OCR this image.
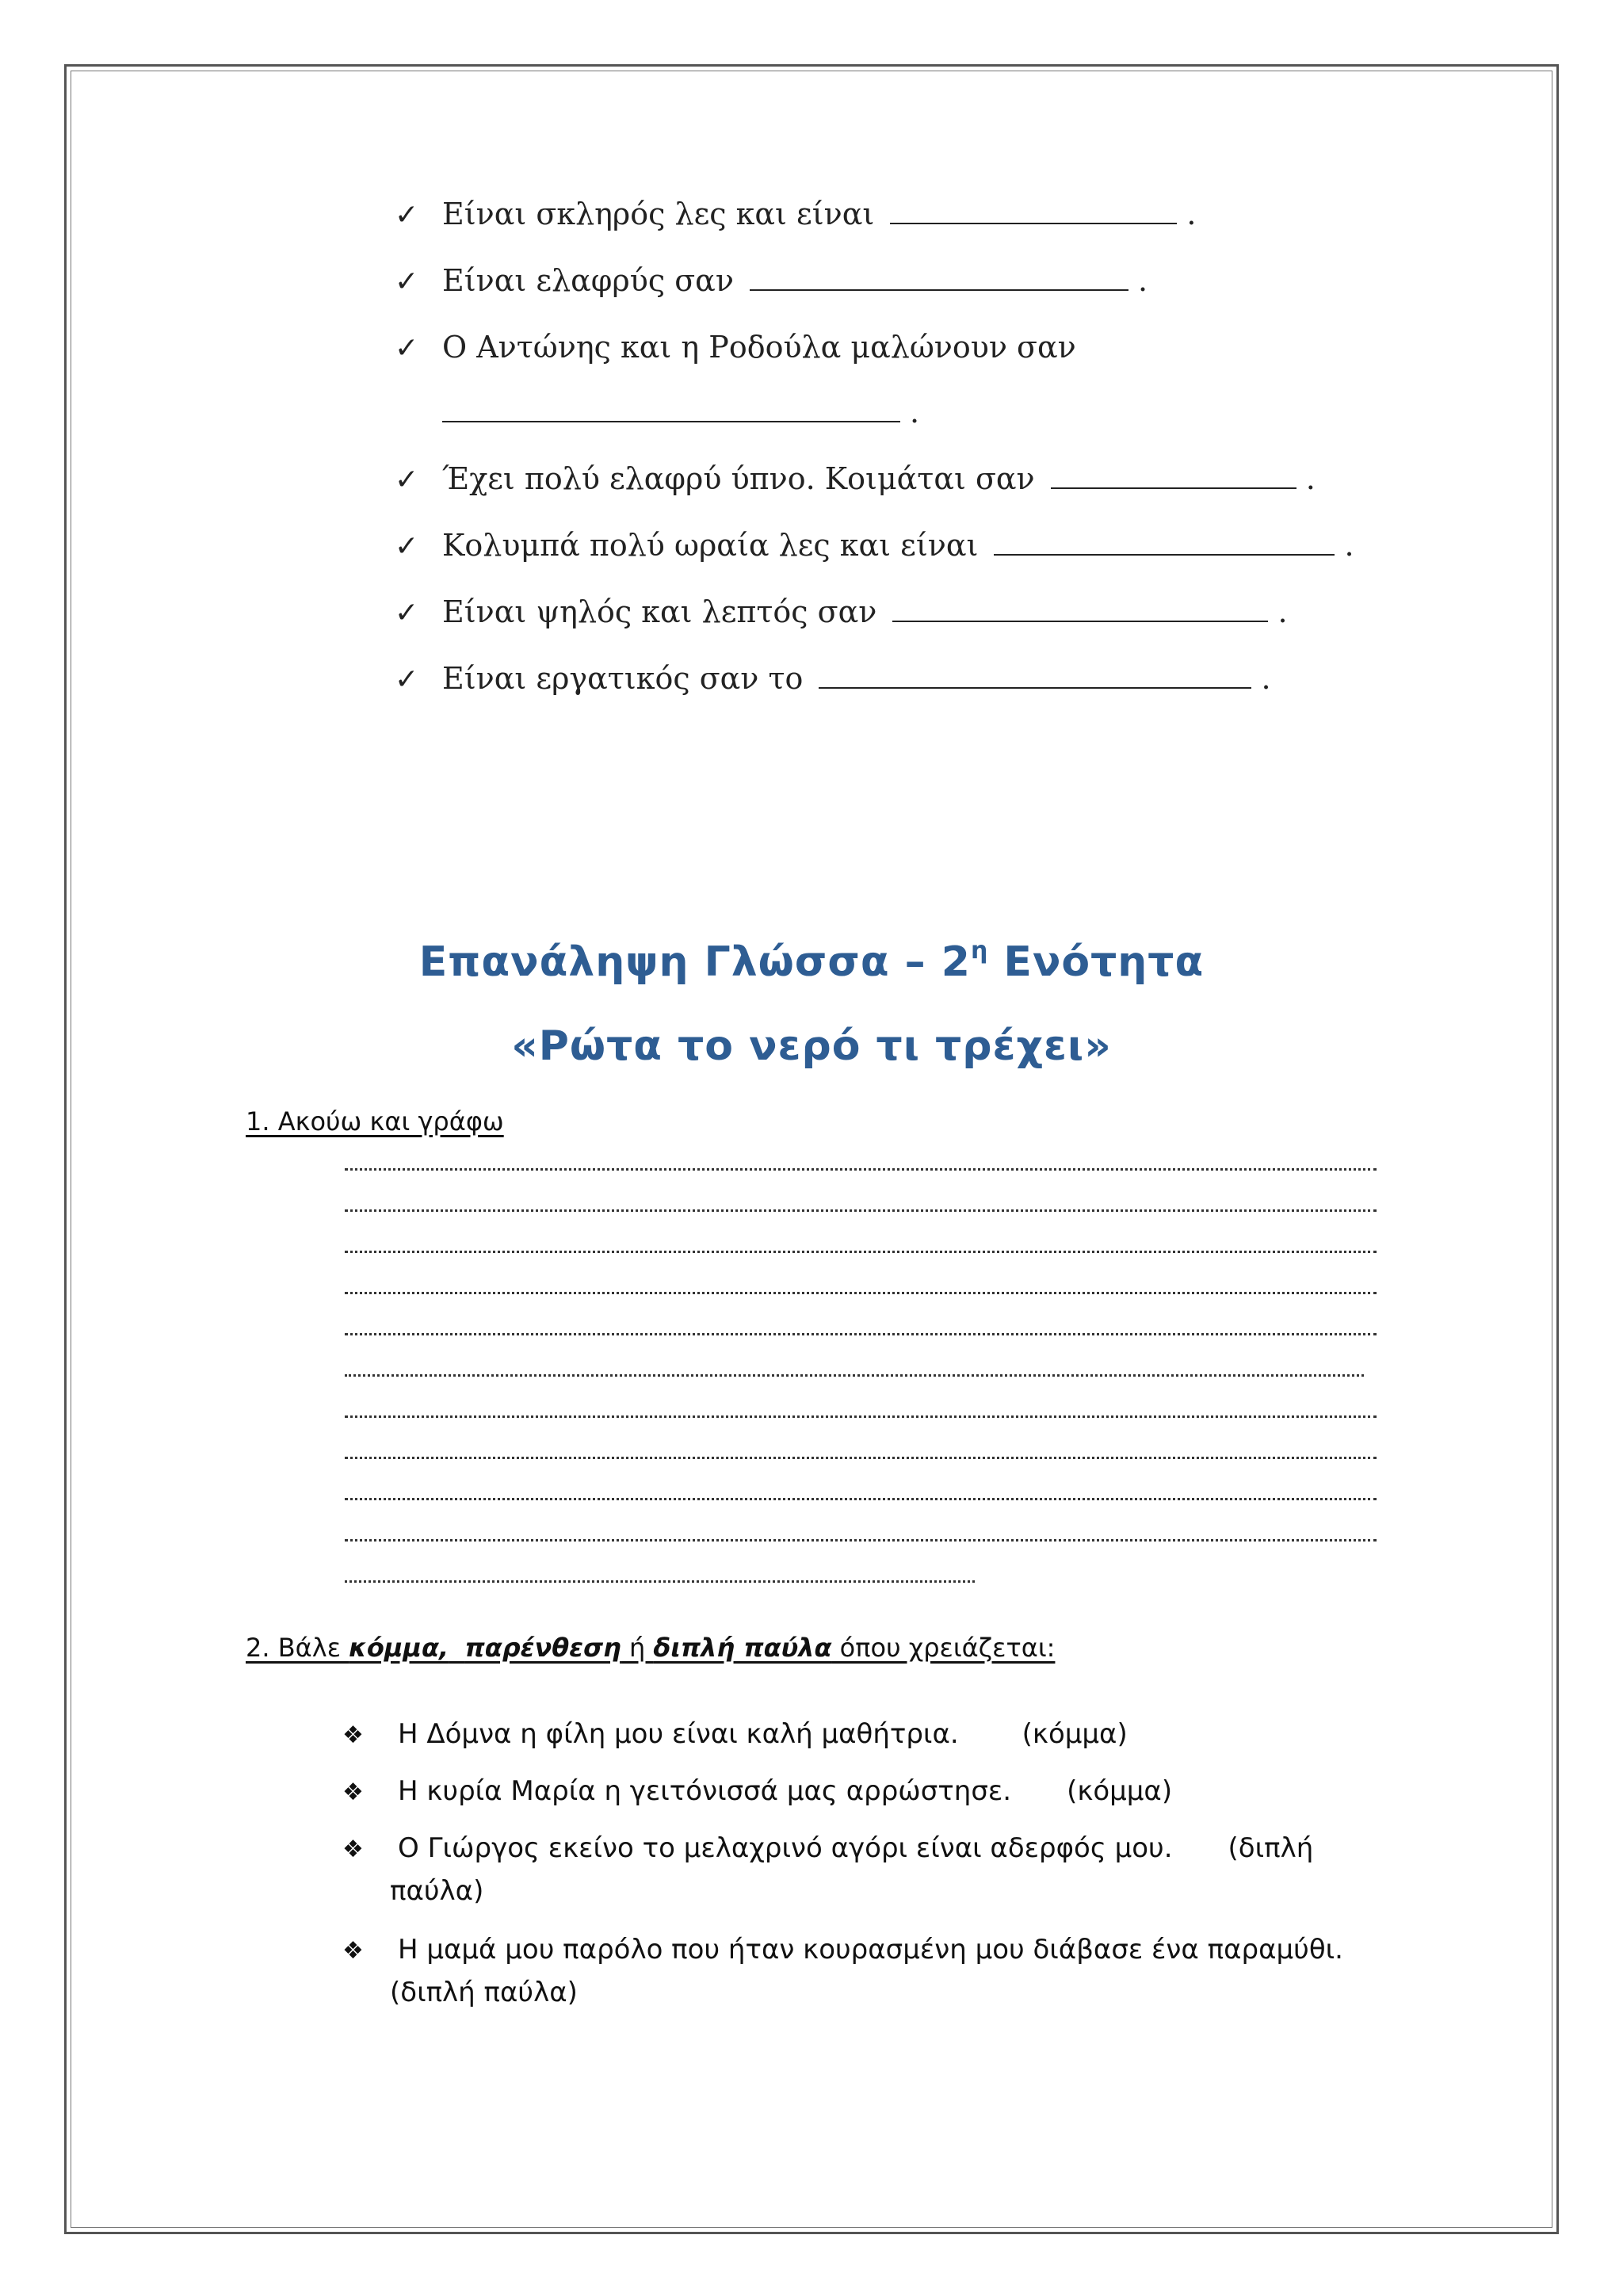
✓ Είναι σκληρός λες και είναι	.
✓ Είναι ελαφρύς σαν	.
✓ Ο Αντώνης και η Ροδούλα μαλώνουν σαν
.
✓ Έχει πολύ ελαφρύ ύπνο. Κοιμάται σαν	.
✓ Κολυμπά πολύ ωραία λες και είναι	.
✓ Είναι ψηλός και λεπτός σαν	.
✓ Είναι εργατικός σαν το	.
Επανάληψη Γλώσσα – $2^\eta$ Ενότητα
«Ρώτα το νερό τι τρέχει»
1. Ακούω και γράφω
2. Βάλε κόμμα, παρένθεση ή διπλή παύλα όπου χρειάζεται:
❖ Η Δόμνα η φίλη μου είναι καλή μαθήτρια. (κόμμα)
❖ Η κυρία Μαρία η γειτόνισσά μας αρρώστησε. (κόμμα)
❖ Ο Γιώργος εκείνο το μελαχρινό αγόρι είναι αδερφός μου. (διπλή
παύλα)
❖ Η μαμά μου παρόλο που ήταν κουρασμένη μου διάβασε ένα παραμύθι.
(διπλή παύλα)
